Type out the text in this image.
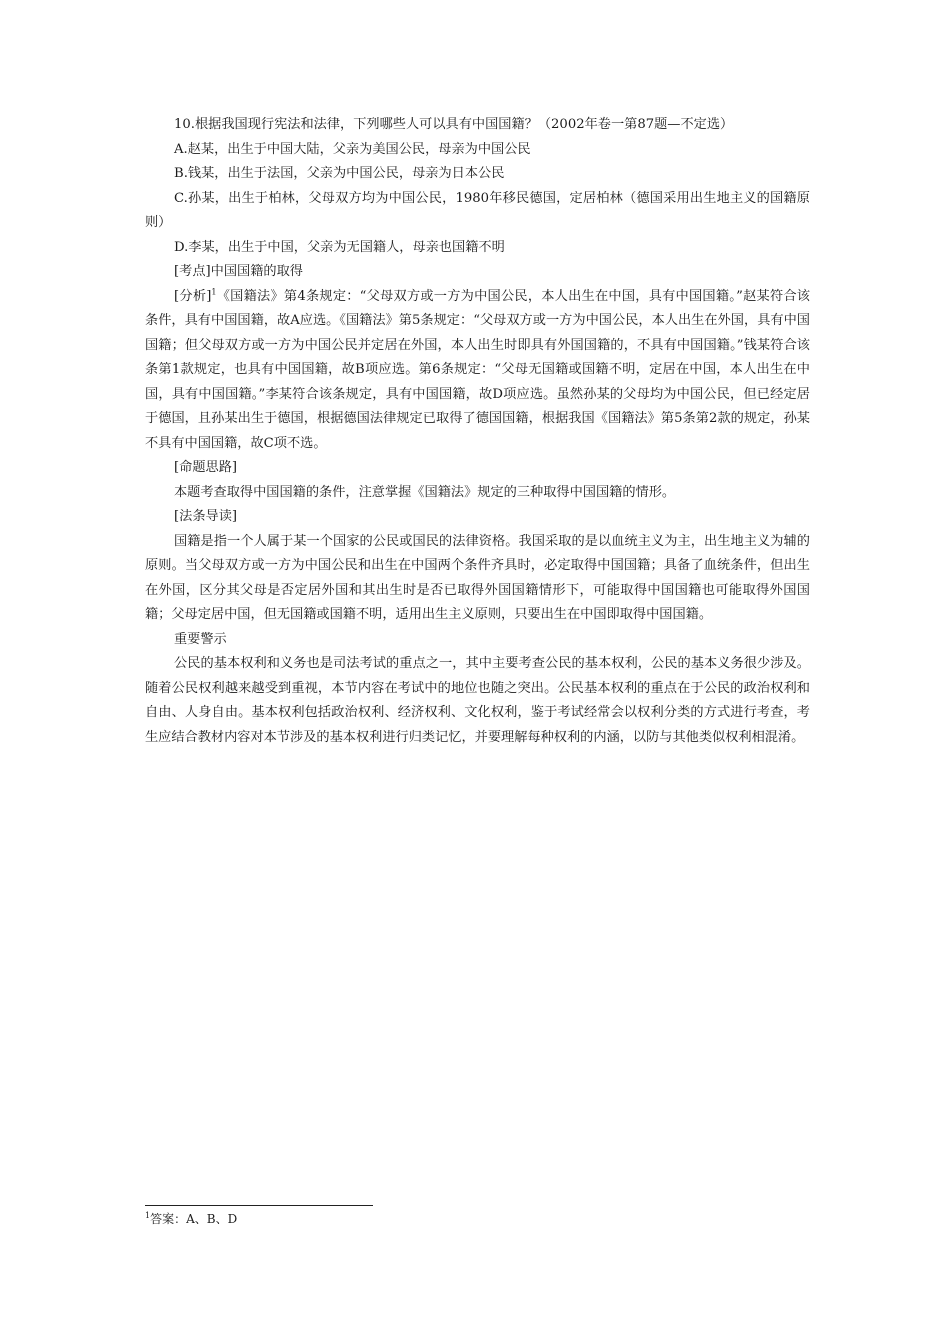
10.根据我国现行宪法和法律，下列哪些人可以具有中国国籍？（2002年卷一第87题—不定选）

A.赵某，出生于中国大陆，父亲为美国公民，母亲为中国公民

B.钱某，出生于法国，父亲为中国公民，母亲为日本公民

C.孙某，出生于柏林，父母双方均为中国公民，1980年移民德国，定居柏林（德国采用出生地主义的国籍原则）

D.李某，出生于中国，父亲为无国籍人，母亲也国籍不明

[考点]中国国籍的取得

[分析]$^1$《国籍法》第4条规定：“父母双方或一方为中国公民，本人出生在中国，具有中国国籍。”赵某符合该条件，具有中国国籍，故A应选。《国籍法》第5条规定：“父母双方或一方为中国公民，本人出生在外国，具有中国国籍；但父母双方或一方为中国公民并定居在外国，本人出生时即具有外国国籍的，不具有中国国籍。”钱某符合该条第1款规定，也具有中国国籍，故B项应选。第6条规定：“父母无国籍或国籍不明，定居在中国，本人出生在中国，具有中国国籍。”李某符合该条规定，具有中国国籍，故D项应选。虽然孙某的父母均为中国公民，但已经定居于德国，且孙某出生于德国，根据德国法律规定已取得了德国国籍，根据我国《国籍法》第5条第2款的规定，孙某不具有中国国籍，故C项不选。

[命题思路]

本题考查取得中国国籍的条件，注意掌握《国籍法》规定的三种取得中国国籍的情形。

[法条导读]

国籍是指一个人属于某一个国家的公民或国民的法律资格。我国采取的是以血统主义为主，出生地主义为辅的原则。当父母双方或一方为中国公民和出生在中国两个条件齐具时，必定取得中国国籍；具备了血统条件，但出生在外国，区分其父母是否定居外国和其出生时是否已取得外国国籍情形下，可能取得中国国籍也可能取得外国国籍；父母定居中国，但无国籍或国籍不明，适用出生主义原则，只要出生在中国即取得中国国籍。

重要警示

公民的基本权利和义务也是司法考试的重点之一，其中主要考查公民的基本权利，公民的基本义务很少涉及。随着公民权利越来越受到重视，本节内容在考试中的地位也随之突出。公民基本权利的重点在于公民的政治权利和自由、人身自由。基本权利包括政治权利、经济权利、文化权利，鉴于考试经常会以权利分类的方式进行考查，考生应结合教材内容对本节涉及的基本权利进行归类记忆，并要理解每种权利的内涵，以防与其他类似权利相混淆。

$^1$答案：A、B、D
